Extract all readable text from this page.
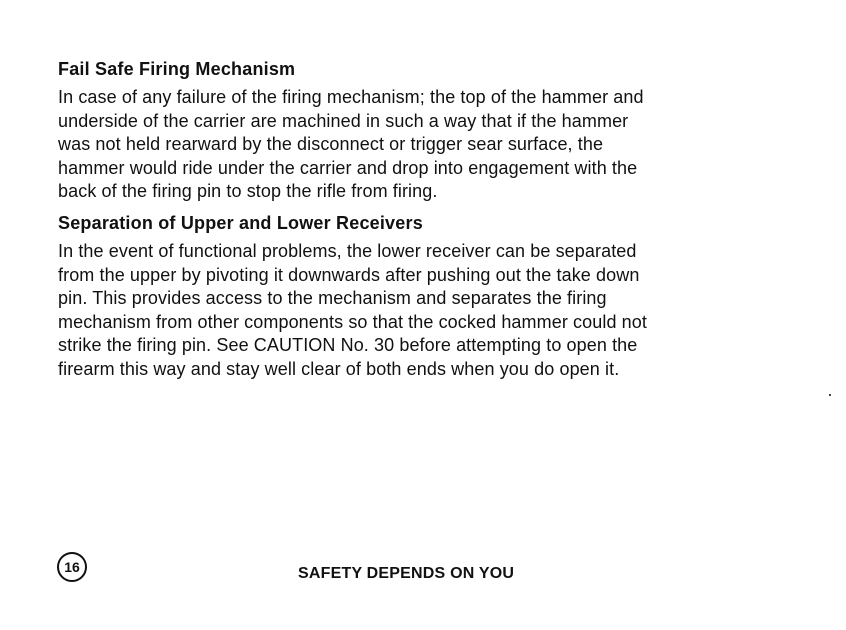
Fail Safe Firing Mechanism

In case of any failure of the firing mechanism; the top of the hammer and
underside of the carrier are machined in such a way that if the hammer
was not held rearward by the disconnect or trigger sear surface, the
hammer would ride under the carrier and drop into engagement with the
back of the firing pin to stop the rifle from firing.

Separation of Upper and Lower Receivers

In the event of functional problems, the lower receiver can be separated
from the upper by pivoting it downwards after pushing out the take down
pin. This provides access to the mechanism and separates the firing
mechanism from other components so that the cocked hammer could not
strike the firing pin. See CAUTION No. 30 before attempting to open the
firearm this way and stay well clear of both ends when you do open it.

16	SAFETY DEPENDS ON YOU
